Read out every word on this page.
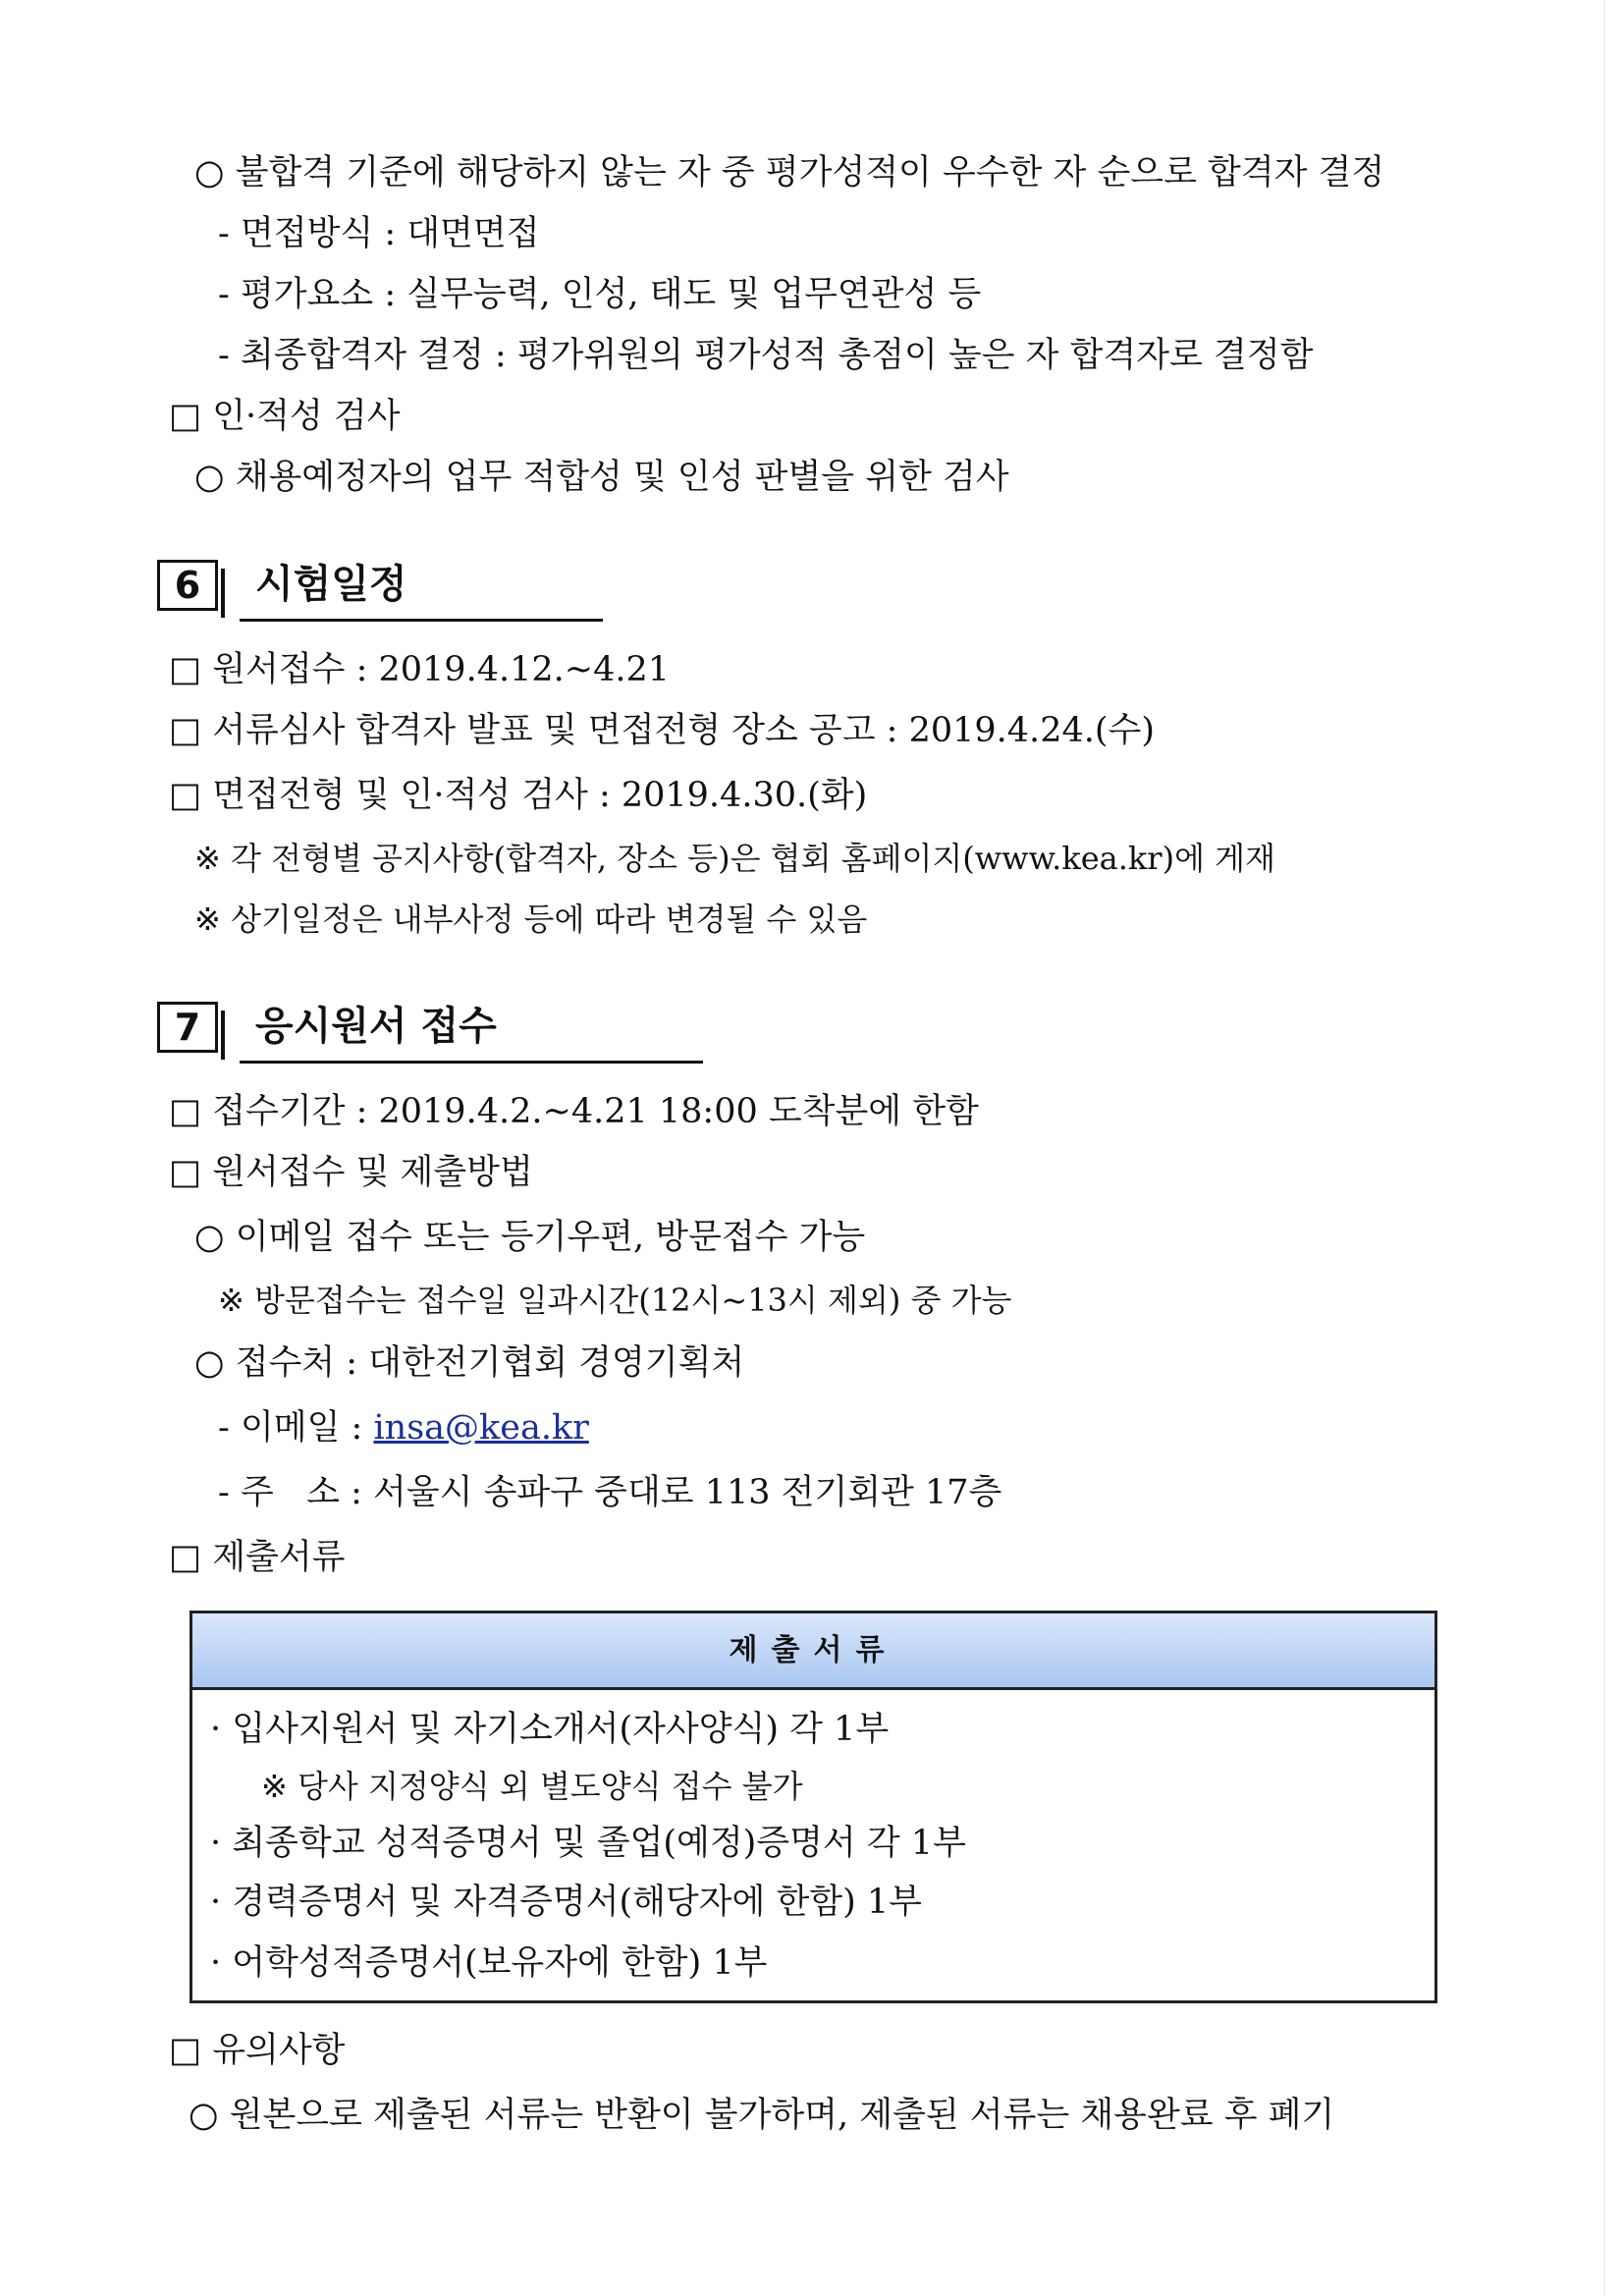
○ 불합격 기준에 해당하지 않는 자 중 평가성적이 우수한 자 순으로 합격자 결정
- 면접방식 : 대면면접
- 평가요소 : 실무능력, 인성, 태도 및 업무연관성 등
- 최종합격자 결정 : 평가위원의 평가성적 총점이 높은 자 합격자로 결정함
□ 인·적성 검사
○ 채용예정자의 업무 적합성 및 인성 판별을 위한 검사
6	시험일정
□ 원서접수 : 2019.4.12.~4.21
□ 서류심사 합격자 발표 및 면접전형 장소 공고 : 2019.4.24.(수)
□ 면접전형 및 인·적성 검사 : 2019.4.30.(화)
※ 각 전형별 공지사항(합격자, 장소 등)은 협회 홈페이지(www.kea.kr)에 게재
※ 상기일정은 내부사정 등에 따라 변경될 수 있음
7	응시원서 접수
□ 접수기간 : 2019.4.2.~4.21 18:00 도착분에 한함
□ 원서접수 및 제출방법
○ 이메일 접수 또는 등기우편, 방문접수 가능
※ 방문접수는 접수일 일과시간(12시~13시 제외) 중 가능
○ 접수처 : 대한전기협회 경영기획처
- 이메일 : insa@kea.kr
- 주   소 : 서울시 송파구 중대로 113 전기회관 17층
□ 제출서류
제출서류
· 입사지원서 및 자기소개서(자사양식) 각 1부
※ 당사 지정양식 외 별도양식 접수 불가
· 최종학교 성적증명서 및 졸업(예정)증명서 각 1부
· 경력증명서 및 자격증명서(해당자에 한함) 1부
· 어학성적증명서(보유자에 한함) 1부
□ 유의사항
○ 원본으로 제출된 서류는 반환이 불가하며, 제출된 서류는 채용완료 후 폐기
